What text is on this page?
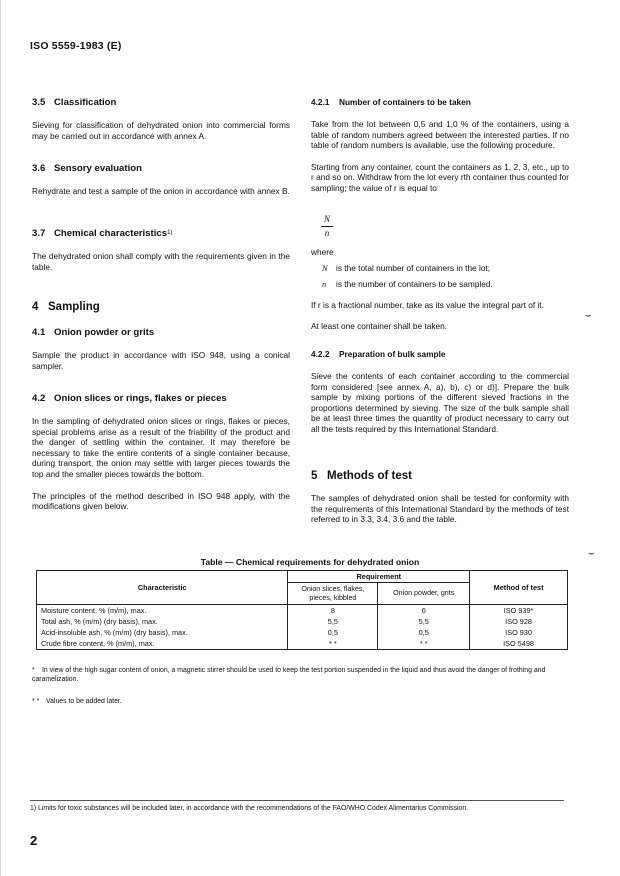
ISO 5559-1983 (E)
3.5 Classification

Sieving for classification of dehydrated onion into commercial forms may be carried out in accordance with annex A.

3.6 Sensory evaluation

Rehydrate and test a sample of the onion in accordance with annex B.

3.7 Chemical characteristics$^{1)}$

The dehydrated onion shall comply with the requirements given in the table.

4 Sampling
4.1 Onion powder or grits

Sample the product in accordance with ISO 948, using a conical sampler.

4.2 Onion slices or rings, flakes or pieces

In the sampling of dehydrated onion slices or rings, flakes or pieces, special problems arise as a result of the friability of the product and the danger of settling within the container. It may therefore be necessary to take the entire contents of a single container because, during transport, the onion may settle with larger pieces towards the top and the smaller pieces towards the bottom.

The principles of the method described in ISO 948 apply, with the modifications given below.

4.2.1 Number of containers to be taken

Take from the lot between 0,5 and 1,0 % of the containers, using a table of random numbers agreed between the interested parties. If no table of random numbers is available, use the following procedure.

Starting from any container, count the containers as 1, 2, 3, etc., up to r and so on. Withdraw from the lot every rth container thus counted for sampling; the value of r is equal to

N
n

where

N is the total number of containers in the lot;

n is the number of containers to be sampled.

If r is a fractional number, take as its value the integral part of it.

At least one container shall be taken.

4.2.2 Preparation of bulk sample

Sieve the contents of each container according to the commercial form considered [see annex A, a), b), c) or d)]. Prepare the bulk sample by mixing portions of the different sieved fractions in the proportions determined by sieving. The size of the bulk sample shall be at least three times the quantity of product necessary to carry out all the tests required by this International Standard.

5 Methods of test

The samples of dehydrated onion shall be tested for conformity with the requirements of this International Standard by the methods of test referred to in 3.3, 3.4, 3.6 and the table.

⌣
⌣
Table — Chemical requirements for dehydrated onion
Characteristic	Requirement		Method of test
	Onion slices, flakes, pieces, kibbled	Onion powder, grits	
Moisture content, % (m/m), max.	8	6	ISO 939*
Total ash, % (m/m) (dry basis), max.	5,5	5,5	ISO 928
Acid-insoluble ash, % (m/m) (dry basis), max.	0,5	0,5	ISO 930
Crude fibre content, % (m/m), max.	* *	* *	ISO 5498
* In view of the high sugar content of onion, a magnetic stirrer should be used to keep the test portion suspended in the liquid and thus avoid the danger of frothing and caramelization.
* * Values to be added later.
1) Limits for toxic substances will be included later, in accordance with the recommendations of the FAO/WHO Codex Alimentarius Commission.
2
